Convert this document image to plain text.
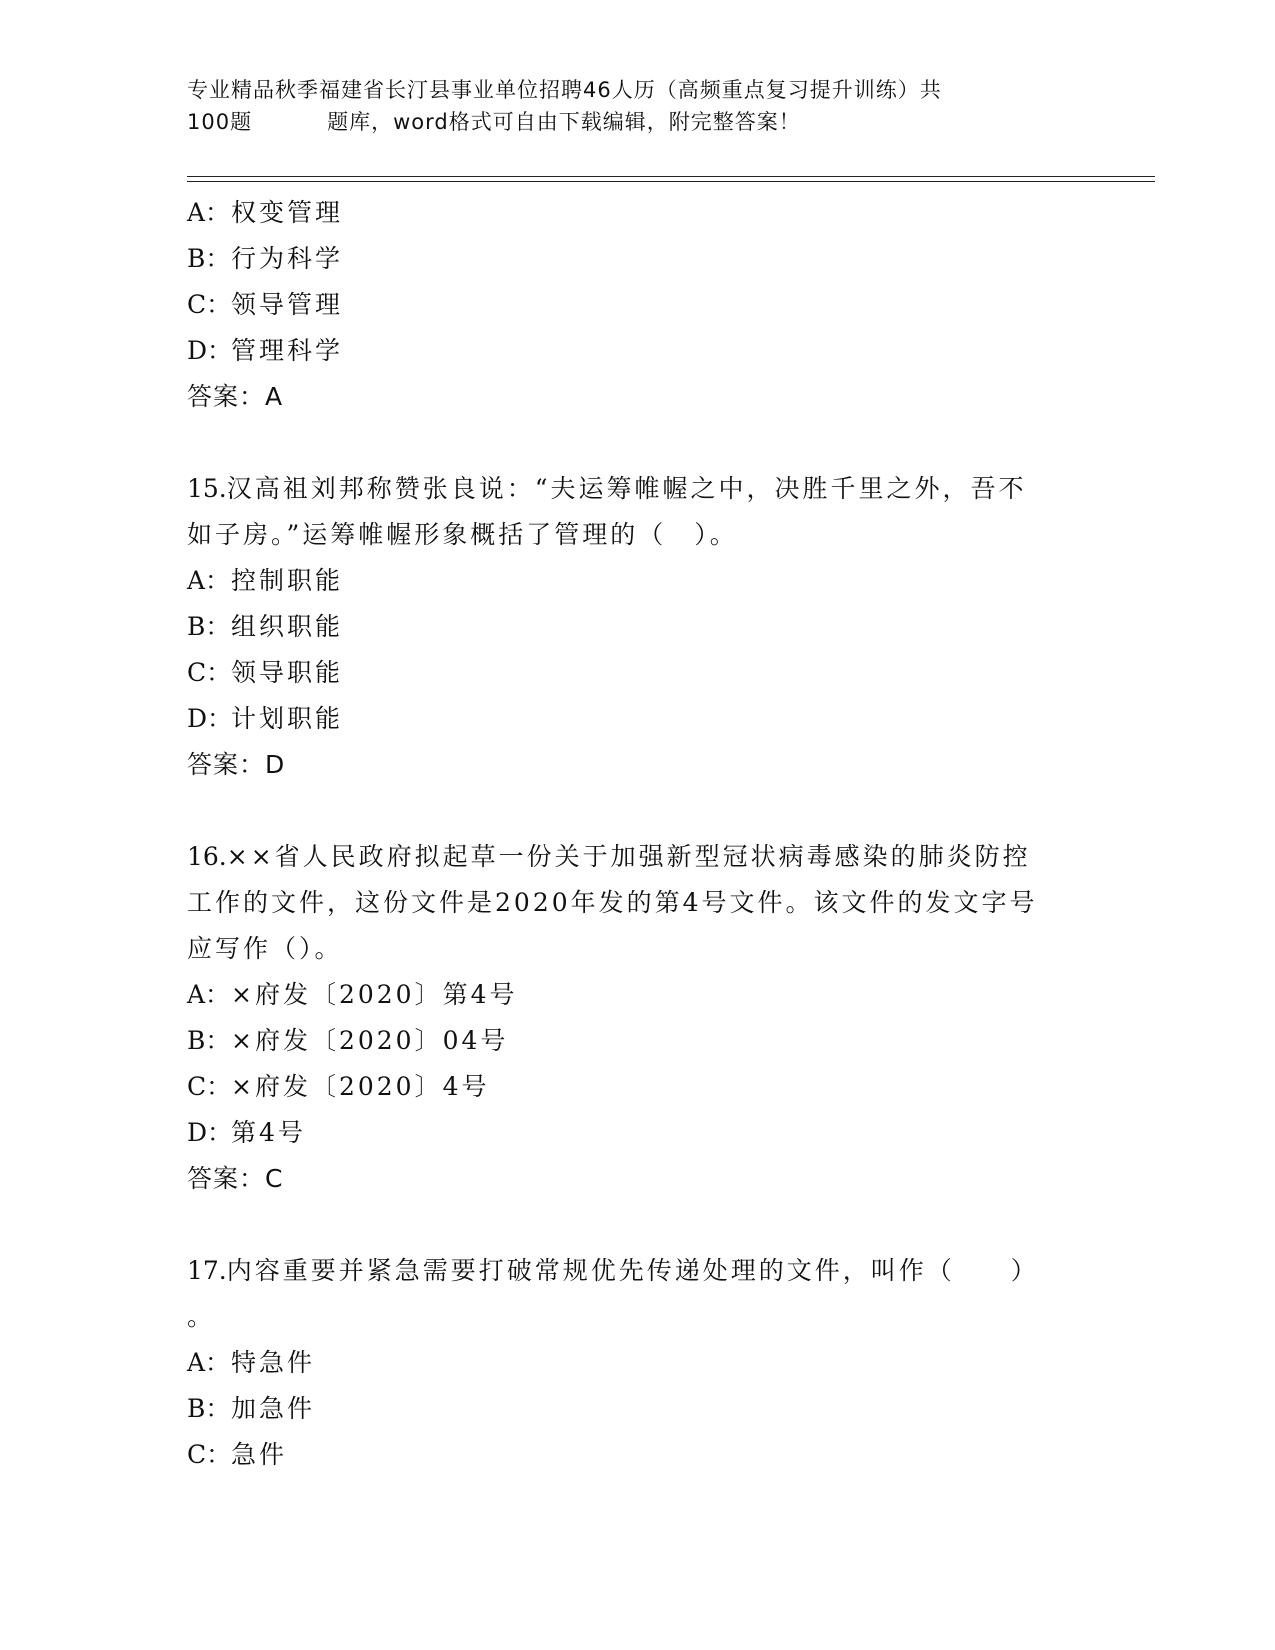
专业精品秋季福建省长汀县事业单位招聘46人历（高频重点复习提升训练）共
100题	题库，word格式可自由下载编辑，附完整答案！
A：权变管理
B：行为科学
C：领导管理
D：管理科学
答案：A
15.汉高祖刘邦称赞张良说：“夫运筹帷幄之中，决胜千里之外，吾不
如子房。”运筹帷幄形象概括了管理的（　）。
A：控制职能
B：组织职能
C：领导职能
D：计划职能
答案：D
16.××省人民政府拟起草一份关于加强新型冠状病毒感染的肺炎防控
工作的文件，这份文件是2020年发的第4号文件。该文件的发文字号
应写作（）。
A：×府发〔2020〕第4号
B：×府发〔2020〕04号
C：×府发〔2020〕4号
D：第4号
答案：C
17.内容重要并紧急需要打破常规优先传递处理的文件，叫作（　　）
。
A：特急件
B：加急件
C：急件
